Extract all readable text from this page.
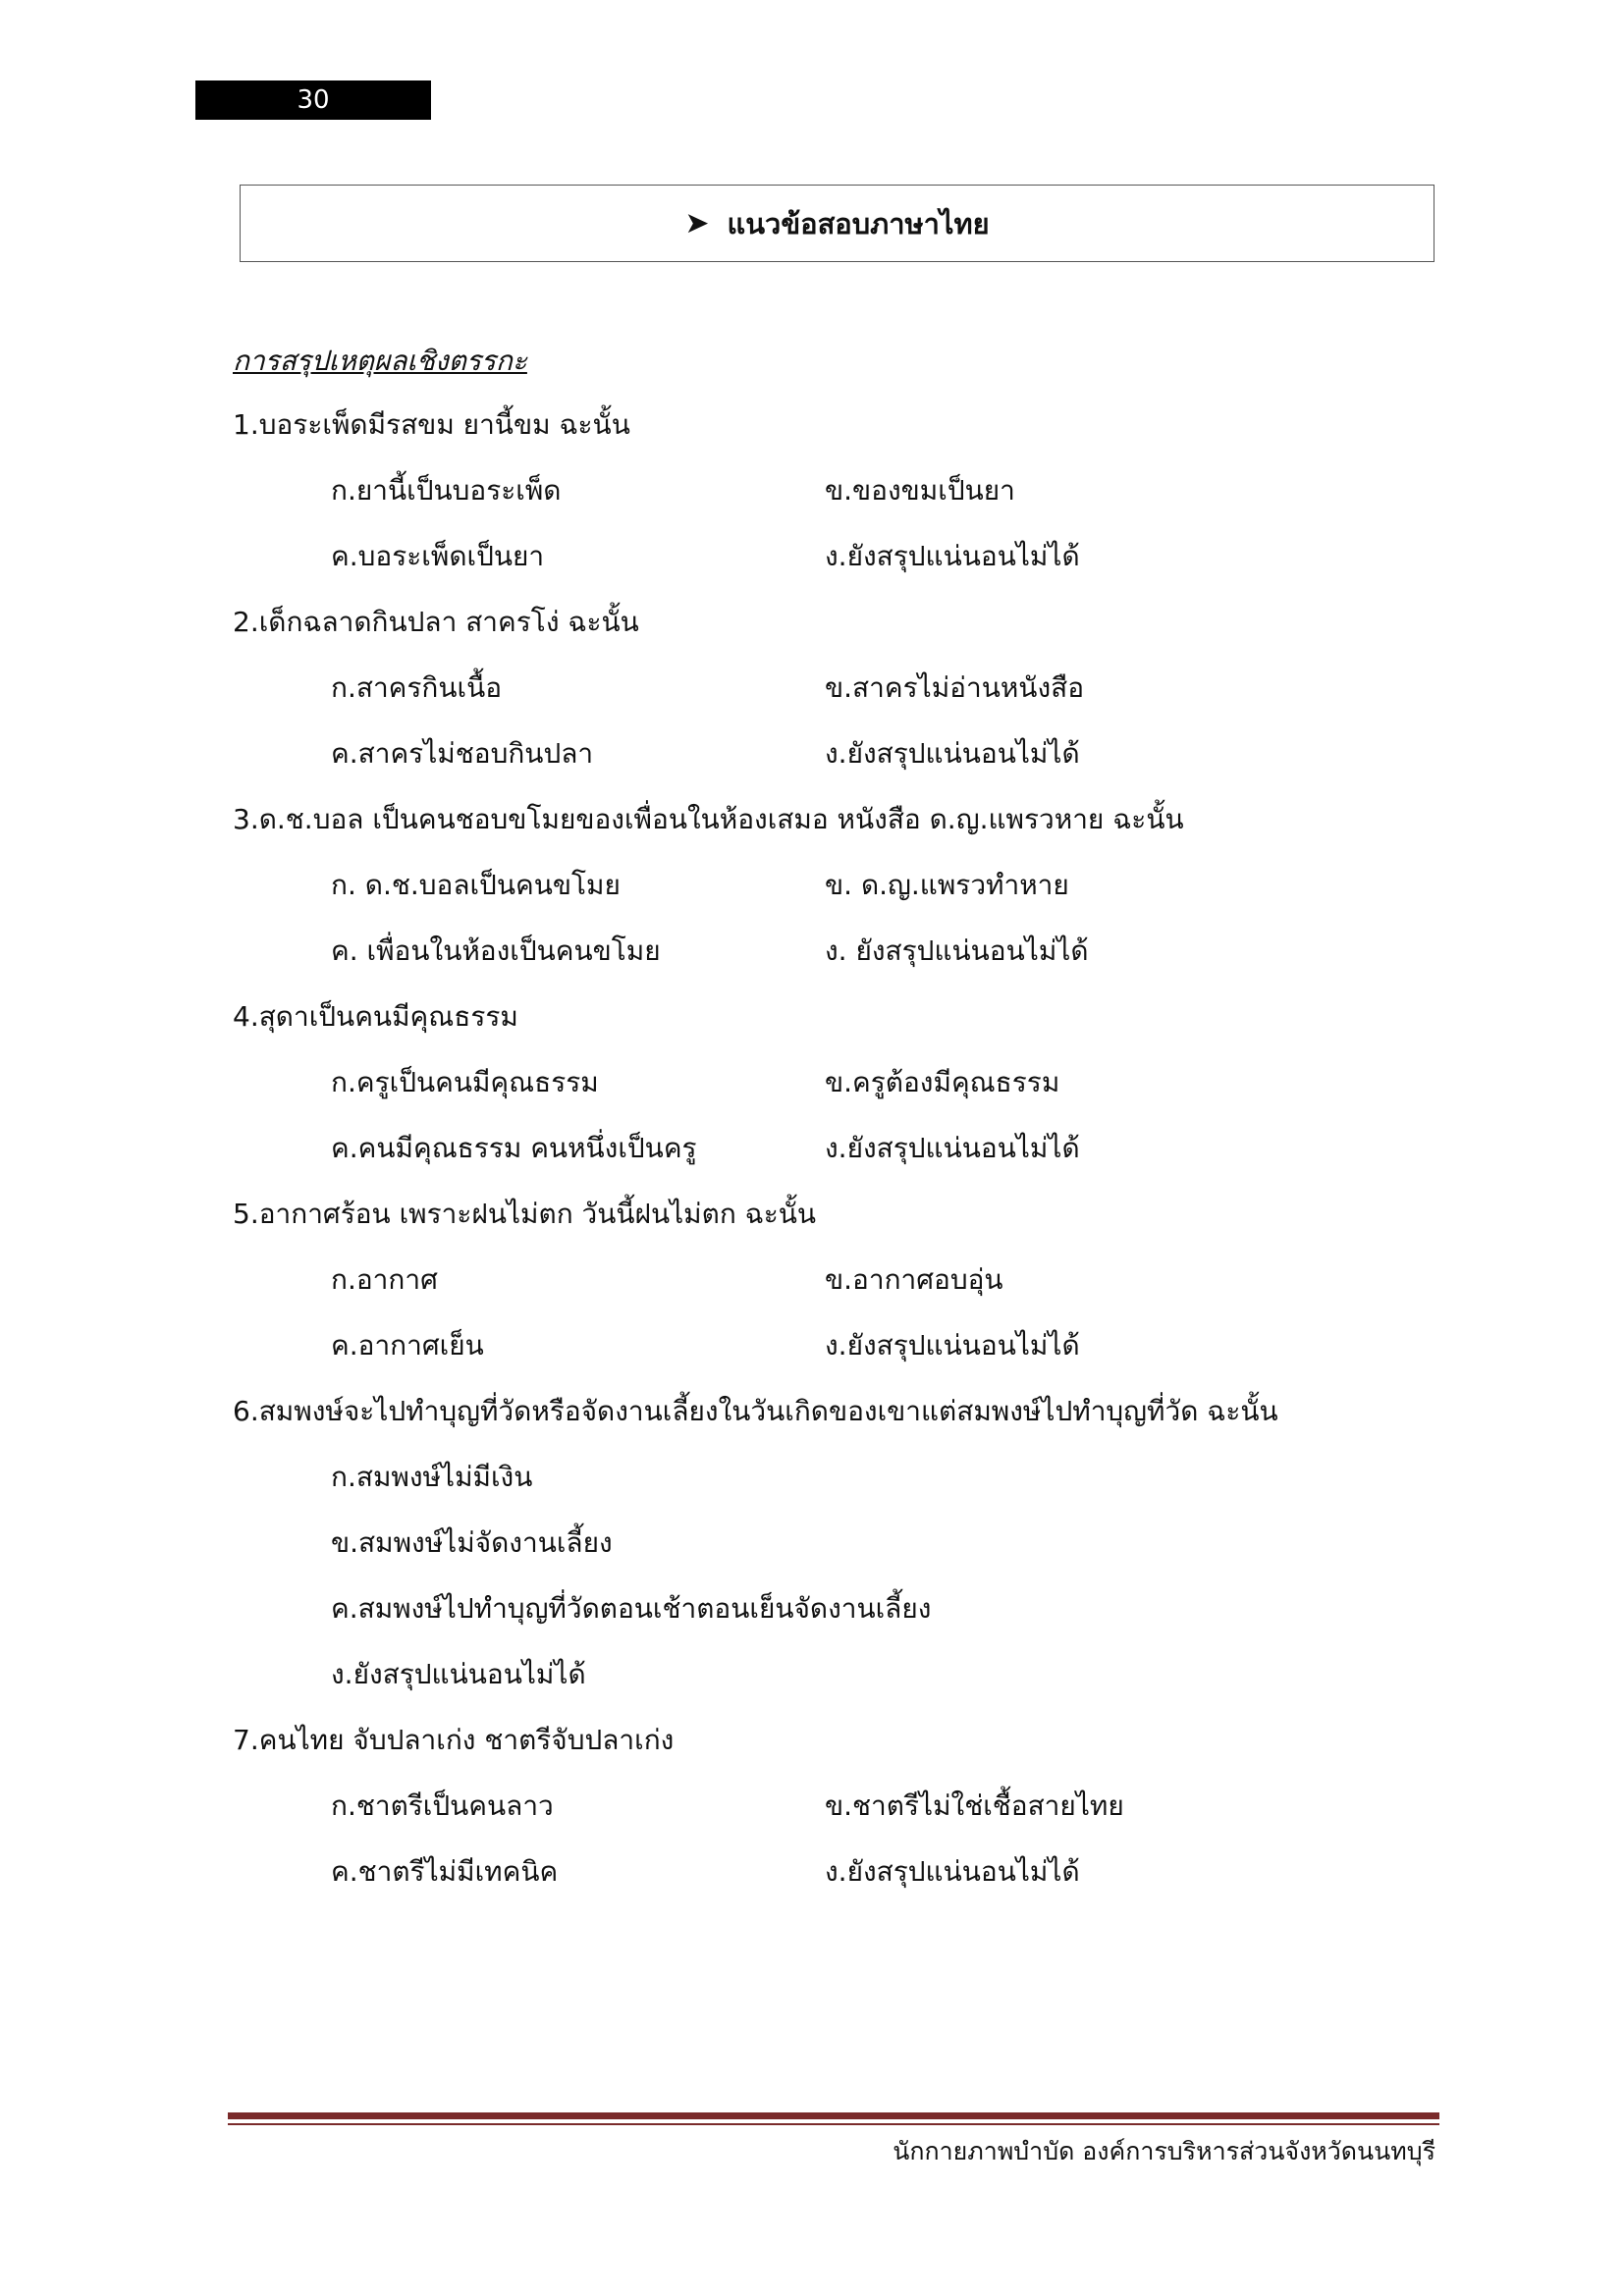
30
➤ แนวข้อสอบภาษาไทย
การสรุปเหตุผลเชิงตรรกะ
1.บอระเพ็ดมีรสขม ยานี้ขม ฉะนั้น
ก.ยานี้เป็นบอระเพ็ด	ข.ของขมเป็นยา
ค.บอระเพ็ดเป็นยา	ง.ยังสรุปแน่นอนไม่ได้
2.เด็กฉลาดกินปลา สาครโง่ ฉะนั้น
ก.สาครกินเนื้อ	ข.สาครไม่อ่านหนังสือ
ค.สาครไม่ชอบกินปลา	ง.ยังสรุปแน่นอนไม่ได้
3.ด.ช.บอล เป็นคนชอบขโมยของเพื่อนในห้องเสมอ หนังสือ ด.ญ.แพรวหาย ฉะนั้น
ก. ด.ช.บอลเป็นคนขโมย	ข. ด.ญ.แพรวทำหาย
ค. เพื่อนในห้องเป็นคนขโมย	ง. ยังสรุปแน่นอนไม่ได้
4.สุดาเป็นคนมีคุณธรรม
ก.ครูเป็นคนมีคุณธรรม	ข.ครูต้องมีคุณธรรม
ค.คนมีคุณธรรม คนหนึ่งเป็นครู	ง.ยังสรุปแน่นอนไม่ได้
5.อากาศร้อน เพราะฝนไม่ตก วันนี้ฝนไม่ตก ฉะนั้น
ก.อากาศ	ข.อากาศอบอุ่น
ค.อากาศเย็น	ง.ยังสรุปแน่นอนไม่ได้
6.สมพงษ์จะไปทำบุญที่วัดหรือจัดงานเลี้ยงในวันเกิดของเขาแต่สมพงษ์ไปทำบุญที่วัด ฉะนั้น
ก.สมพงษ์ไม่มีเงิน
ข.สมพงษ์ไม่จัดงานเลี้ยง
ค.สมพงษ์ไปทำบุญที่วัดตอนเช้าตอนเย็นจัดงานเลี้ยง
ง.ยังสรุปแน่นอนไม่ได้
7.คนไทย จับปลาเก่ง ชาตรีจับปลาเก่ง
ก.ชาตรีเป็นคนลาว	ข.ชาตรีไม่ใช่เชื้อสายไทย
ค.ชาตรีไม่มีเทคนิค	ง.ยังสรุปแน่นอนไม่ได้
นักกายภาพบำบัด องค์การบริหารส่วนจังหวัดนนทบุรี
